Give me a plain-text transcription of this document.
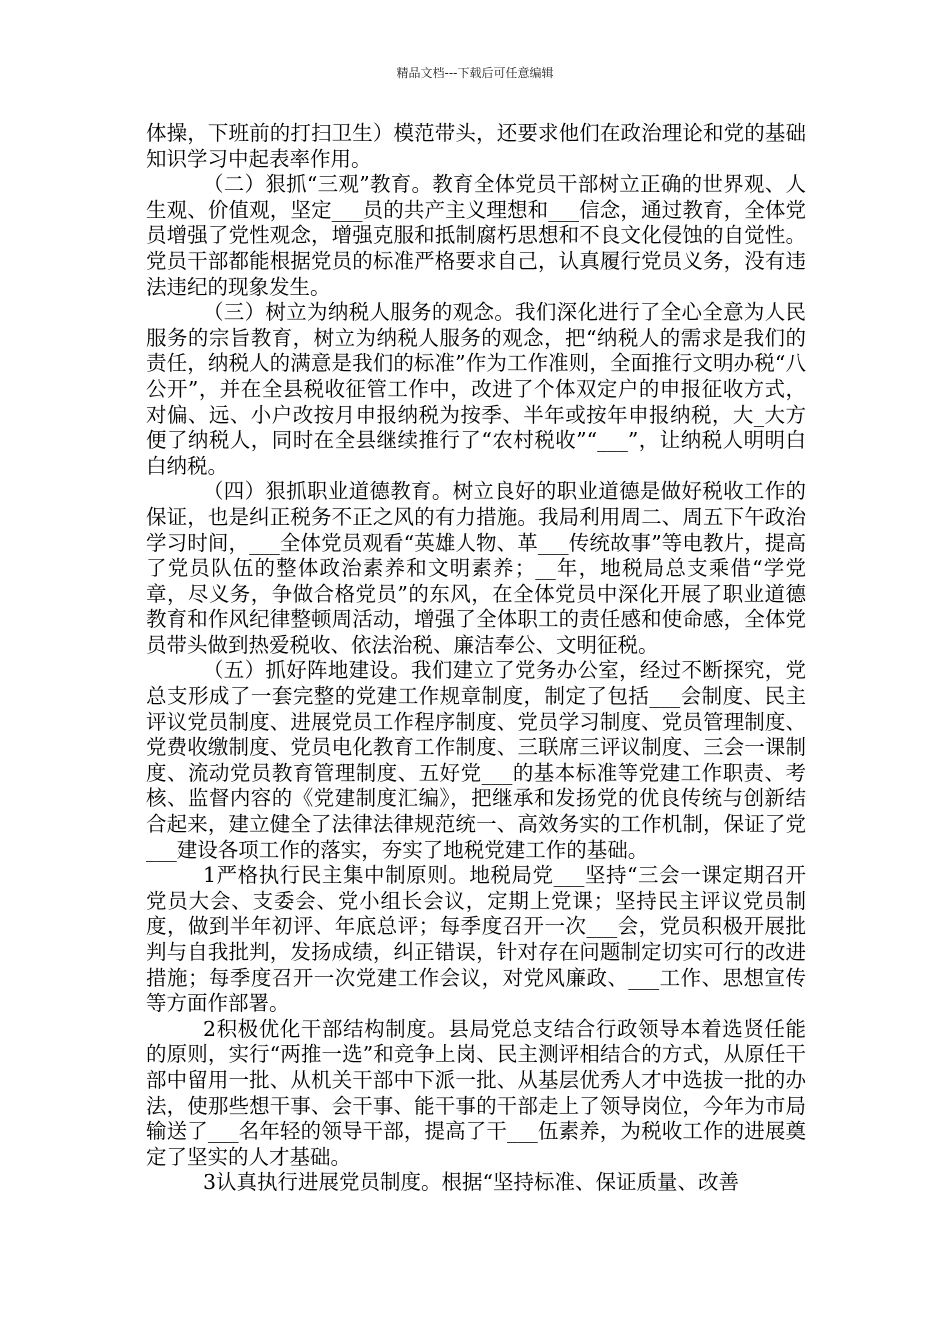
精品文档---下载后可任意编辑

体操，下班前的打扫卫生）模范带头，还要求他们在政治理论和党的基础知识学习中起表率作用。

（二）狠抓“三观”教育。教育全体党员干部树立正确的世界观、人生观、价值观，坚定___员的共产主义理想和___信念，通过教育，全体党员增强了党性观念，增强克服和抵制腐朽思想和不良文化侵蚀的自觉性。党员干部都能根据党员的标准严格要求自己，认真履行党员义务，没有违法违纪的现象发生。

（三）树立为纳税人服务的观念。我们深化进行了全心全意为人民服务的宗旨教育，树立为纳税人服务的观念，把“纳税人的需求是我们的责任，纳税人的满意是我们的标准”作为工作准则，全面推行文明办税“八公开”，并在全县税收征管工作中，改进了个体双定户的申报征收方式，对偏、远、小户改按月申报纳税为按季、半年或按年申报纳税，大_大方便了纳税人，同时在全县继续推行了“农村税收”“___”，让纳税人明明白白纳税。

（四）狠抓职业道德教育。树立良好的职业道德是做好税收工作的保证，也是纠正税务不正之风的有力措施。我局利用周二、周五下午政治学习时间，___全体党员观看“英雄人物、革___传统故事”等电教片，提高了党员队伍的整体政治素养和文明素养；__年，地税局总支乘借“学党章，尽义务，争做合格党员”的东风，在全体党员中深化开展了职业道德教育和作风纪律整顿周活动，增强了全体职工的责任感和使命感，全体党员带头做到热爱税收、依法治税、廉洁奉公、文明征税。

（五）抓好阵地建设。我们建立了党务办公室，经过不断探究，党总支形成了一套完整的党建工作规章制度，制定了包括___会制度、民主评议党员制度、进展党员工作程序制度、党员学习制度、党员管理制度、党费收缴制度、党员电化教育工作制度、三联席三评议制度、三会一课制度、流动党员教育管理制度、五好党___的基本标准等党建工作职责、考核、监督内容的《党建制度汇编》，把继承和发扬党的优良传统与创新结合起来，建立健全了法律法律规范统一、高效务实的工作机制，保证了党___建设各项工作的落实，夯实了地税党建工作的基础。

1严格执行民主集中制原则。地税局党___坚持“三会一课定期召开党员大会、支委会、党小组长会议，定期上党课；坚持民主评议党员制度，做到半年初评、年底总评；每季度召开一次___会，党员积极开展批判与自我批判，发扬成绩，纠正错误，针对存在问题制定切实可行的改进措施；每季度召开一次党建工作会议，对党风廉政、___工作、思想宣传等方面作部署。

2积极优化干部结构制度。县局党总支结合行政领导本着选贤任能的原则，实行“两推一选”和竞争上岗、民主测评相结合的方式，从原任干部中留用一批、从机关干部中下派一批、从基层优秀人才中选拔一批的办法，使那些想干事、会干事、能干事的干部走上了领导岗位，今年为市局输送了___名年轻的领导干部，提高了干___伍素养，为税收工作的进展奠定了坚实的人才基础。

3认真执行进展党员制度。根据“坚持标准、保证质量、改善
